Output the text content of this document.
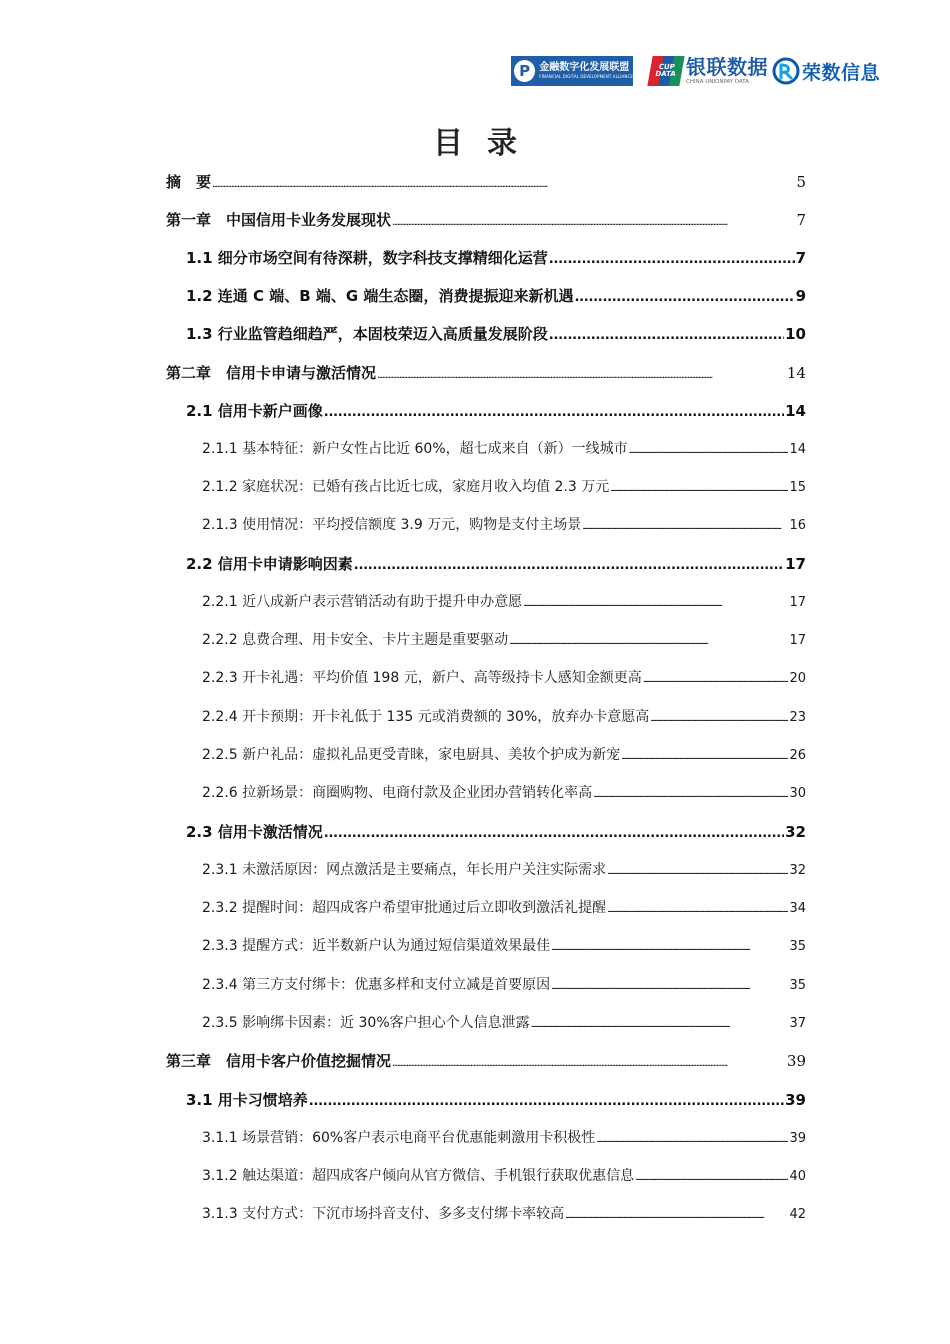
P 金融数字化发展联盟
FINANCIAL DIGITAL DEVELOPMENT ALLIANCE
CUP
DATA 银联数据
CHINA UNIONPAY DATA	荣数信息
目录
摘　要 . . .	5
第一章　中国信用卡业务发展现状 . . .	7
1.1 细分市场空间有待深耕，数字科技支撑精细化运营 . . .	7
1.2 连通 C 端、B 端、G 端生态圈，消费提振迎来新机遇 . . .	9
1.3 行业监管趋细趋严，本固枝荣迈入高质量发展阶段 . . .	10
第二章　信用卡申请与激活情况 . . .	14
2.1 信用卡新户画像 . . .	14
2.1.1 基本特征：新户女性占比近 60%，超七成来自（新）一线城市 . . .	14
2.1.2 家庭状况：已婚有孩占比近七成，家庭月收入均值 2.3 万元 . . .	15
2.1.3 使用情况：平均授信额度 3.9 万元，购物是支付主场景 . . .	16
2.2 信用卡申请影响因素 . . .	17
2.2.1 近八成新户表示营销活动有助于提升申办意愿 . . .	17
2.2.2 息费合理、用卡安全、卡片主题是重要驱动 . . .	17
2.2.3 开卡礼遇：平均价值 198 元，新户、高等级持卡人感知金额更高 . . .	20
2.2.4 开卡预期：开卡礼低于 135 元或消费额的 30%，放弃办卡意愿高 . . .	23
2.2.5 新户礼品：虚拟礼品更受青睐，家电厨具、美妆个护成为新宠 . . .	26
2.2.6 拉新场景：商圈购物、电商付款及企业团办营销转化率高 . . .	30
2.3 信用卡激活情况 . . .	32
2.3.1 未激活原因：网点激活是主要痛点，年长用户关注实际需求 . . .	32
2.3.2 提醒时间：超四成客户希望审批通过后立即收到激活礼提醒 . . .	34
2.3.3 提醒方式：近半数新户认为通过短信渠道效果最佳 . . .	35
2.3.4 第三方支付绑卡：优惠多样和支付立减是首要原因 . . .	35
2.3.5 影响绑卡因素：近 30%客户担心个人信息泄露 . . .	37
第三章　信用卡客户价值挖掘情况 . . .	39
3.1 用卡习惯培养 . . .	39
3.1.1 场景营销：60%客户表示电商平台优惠能刺激用卡积极性 . . .	39
3.1.2 触达渠道：超四成客户倾向从官方微信、手机银行获取优惠信息 . . .	40
3.1.3 支付方式：下沉市场抖音支付、多多支付绑卡率较高 . . .	42
